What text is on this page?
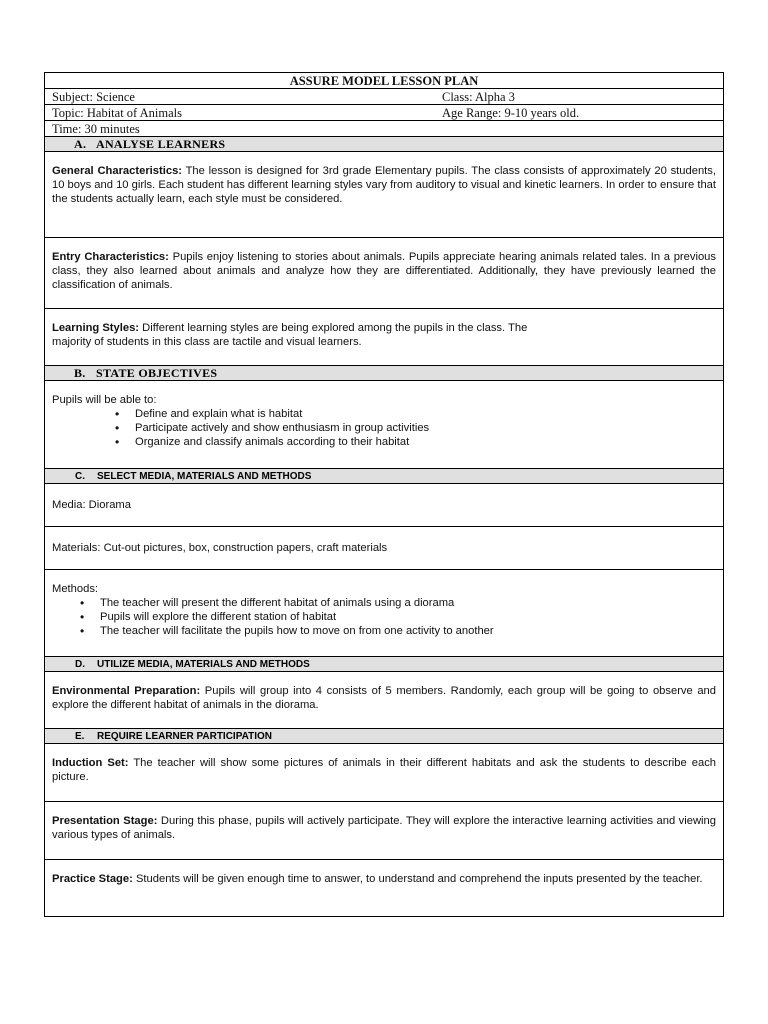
ASSURE MODEL LESSON PLAN
Subject: Science	Class: Alpha 3
Topic: Habitat of Animals	Age Range: 9-10 years old.
Time: 30 minutes
A. ANALYSE LEARNERS
General Characteristics: The lesson is designed for 3rd grade Elementary pupils. The class consists of approximately 20 students, 10 boys and 10 girls. Each student has different learning styles vary from auditory to visual and kinetic learners. In order to ensure that the students actually learn, each style must be considered.
Entry Characteristics: Pupils enjoy listening to stories about animals. Pupils appreciate hearing animals related tales. In a previous class, they also learned about animals and analyze how they are differentiated. Additionally, they have previously learned the classification of animals.
Learning Styles: Different learning styles are being explored among the pupils in the class. The
majority of students in this class are tactile and visual learners.
B. STATE OBJECTIVES
Pupils will be able to:
• Define and explain what is habitat
• Participate actively and show enthusiasm in group activities
• Organize and classify animals according to their habitat
C. SELECT MEDIA, MATERIALS AND METHODS
Media: Diorama
Materials: Cut-out pictures, box, construction papers, craft materials
Methods:
• The teacher will present the different habitat of animals using a diorama
• Pupils will explore the different station of habitat
• The teacher will facilitate the pupils how to move on from one activity to another
D. UTILIZE MEDIA, MATERIALS AND METHODS
Environmental Preparation: Pupils will group into 4 consists of 5 members. Randomly, each group will be going to observe and explore the different habitat of animals in the diorama.
E. REQUIRE LEARNER PARTICIPATION
Induction Set: The teacher will show some pictures of animals in their different habitats and ask the students to describe each picture.
Presentation Stage: During this phase, pupils will actively participate. They will explore the interactive learning activities and viewing various types of animals.
Practice Stage: Students will be given enough time to answer, to understand and comprehend the inputs presented by the teacher.
